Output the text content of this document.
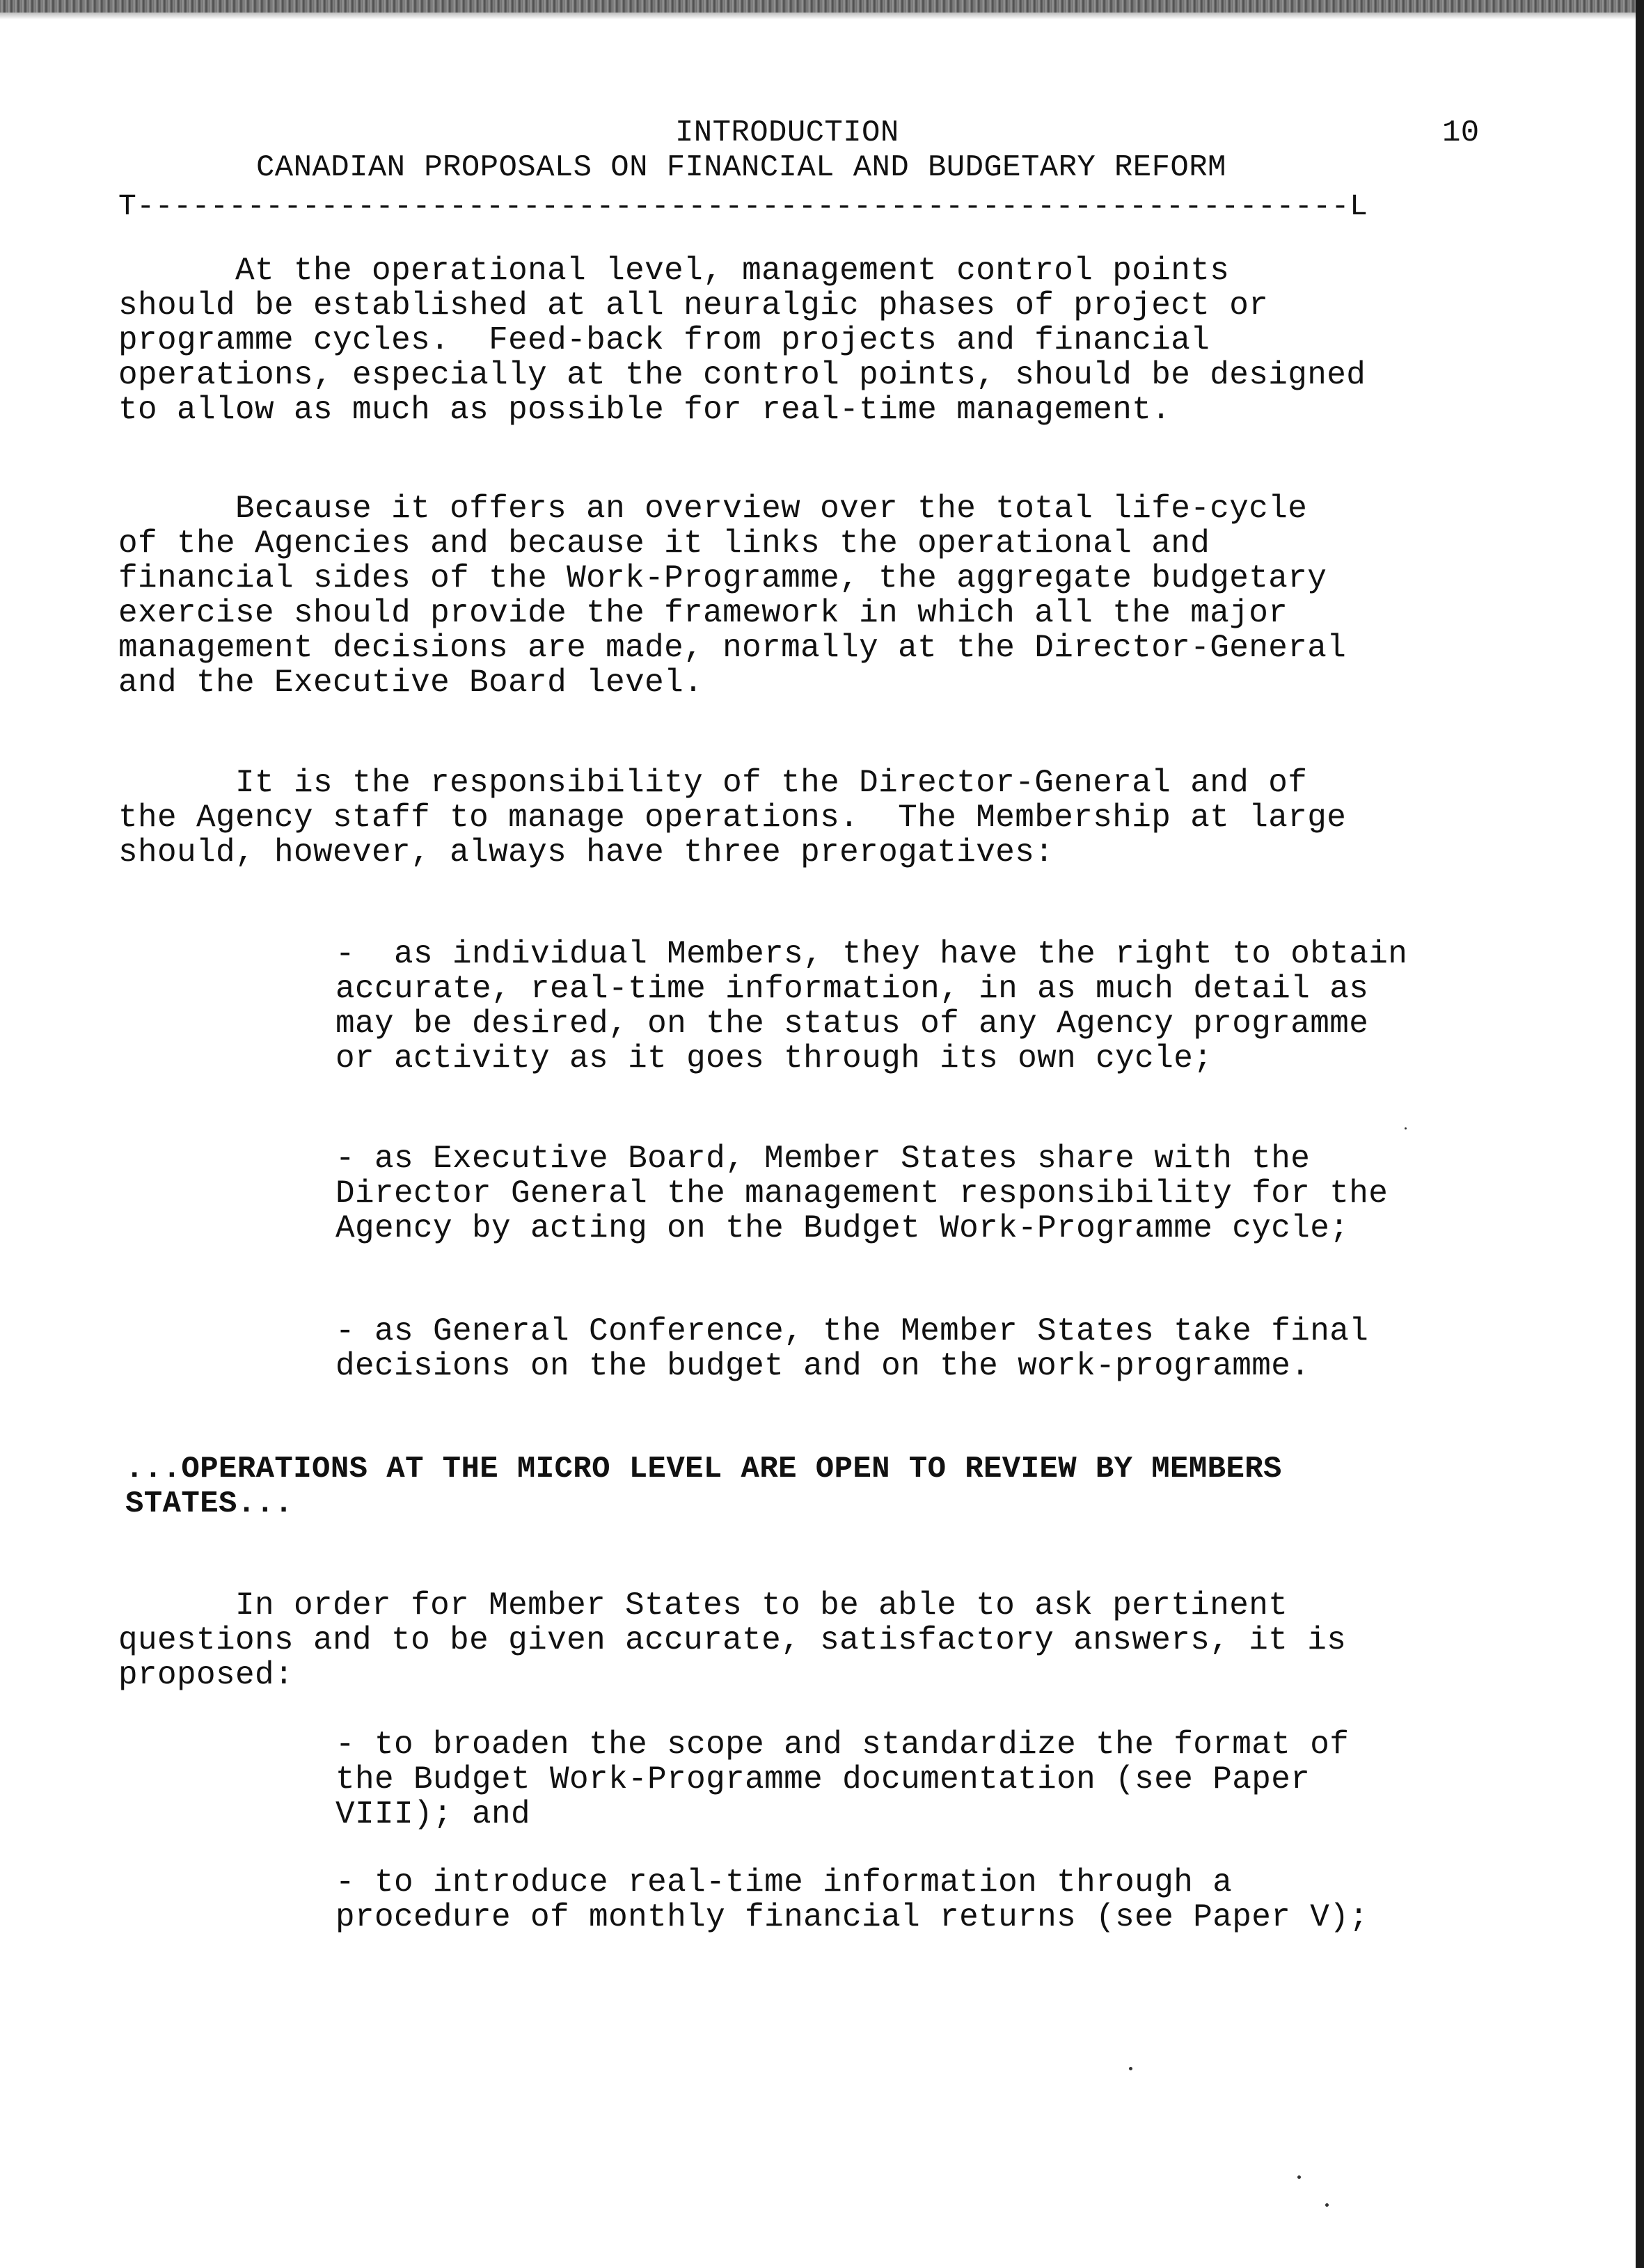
INTRODUCTION	10
CANADIAN PROPOSALS ON FINANCIAL AND BUDGETARY REFORM
T------------------------------------------------------------------L
At the operational level, management control points
should be established at all neuralgic phases of project or
programme cycles.  Feed-back from projects and financial
operations, especially at the control points, should be designed
to allow as much as possible for real-time management.
Because it offers an overview over the total life-cycle
of the Agencies and because it links the operational and
financial sides of the Work-Programme, the aggregate budgetary
exercise should provide the framework in which all the major
management decisions are made, normally at the Director-General
and the Executive Board level.
It is the responsibility of the Director-General and of
the Agency staff to manage operations.  The Membership at large
should, however, always have three prerogatives:
-  as individual Members, they have the right to obtain
accurate, real-time information, in as much detail as
may be desired, on the status of any Agency programme
or activity as it goes through its own cycle;
- as Executive Board, Member States share with the
Director General the management responsibility for the
Agency by acting on the Budget Work-Programme cycle;
- as General Conference, the Member States take final
decisions on the budget and on the work-programme.
...OPERATIONS AT THE MICRO LEVEL ARE OPEN TO REVIEW BY MEMBERS
STATES...
In order for Member States to be able to ask pertinent
questions and to be given accurate, satisfactory answers, it is
proposed:
- to broaden the scope and standardize the format of
the Budget Work-Programme documentation (see Paper
VIII); and
- to introduce real-time information through a
procedure of monthly financial returns (see Paper V);
